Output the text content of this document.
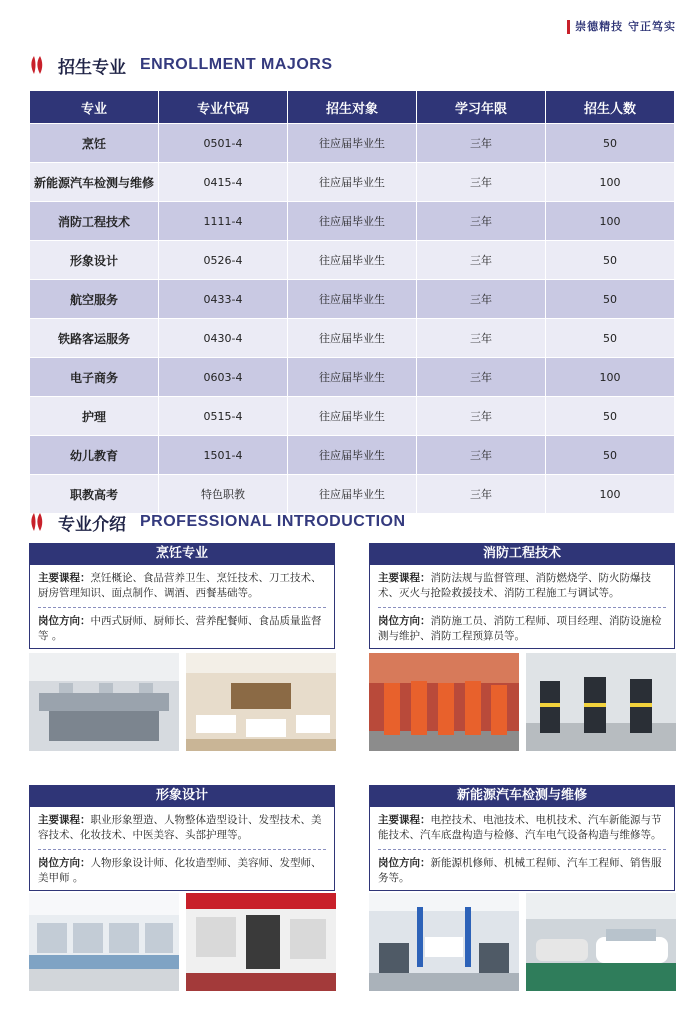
崇德精技 守正笃实
招生专业 ENROLLMENT MAJORS
专业	专业代码	招生对象	学习年限	招生人数
烹饪	0501-4	往应届毕业生	三年	50
新能源汽车检测与维修	0415-4	往应届毕业生	三年	100
消防工程技术	1111-4	往应届毕业生	三年	100
形象设计	0526-4	往应届毕业生	三年	50
航空服务	0433-4	往应届毕业生	三年	50
铁路客运服务	0430-4	往应届毕业生	三年	50
电子商务	0603-4	往应届毕业生	三年	100
护理	0515-4	往应届毕业生	三年	50
幼儿教育	1501-4	往应届毕业生	三年	50
职教高考	特色职教	往应届毕业生	三年	100
专业介绍 PROFESSIONAL INTRODUCTION
烹饪专业
主要课程：烹饪概论、食品营养卫生、烹饪技术、刀工技术、厨房管理知识、面点制作、调酒、西餐基础等。
岗位方向：中西式厨师、厨师长、营养配餐师、食品质量监督等 。
消防工程技术
主要课程：消防法规与监督管理、消防燃烧学、防火防爆技术、灭火与抢险救援技术、消防工程施工与调试等。
岗位方向：消防施工员、消防工程师、项目经理、消防设施检测与维护、消防工程预算员等。
形象设计
主要课程：职业形象塑造、人物整体造型设计、发型技术、美容技术、化妆技术、中医美容、头部护理等。
岗位方向：人物形象设计师、化妆造型师、美容师、发型师、美甲师 。
新能源汽车检测与维修
主要课程：电控技术、电池技术、电机技术、汽车新能源与节能技术、汽车底盘构造与检修、汽车电气设备构造与维修等。
岗位方向：新能源机修师、机械工程师、汽车工程师、销售服务等。
